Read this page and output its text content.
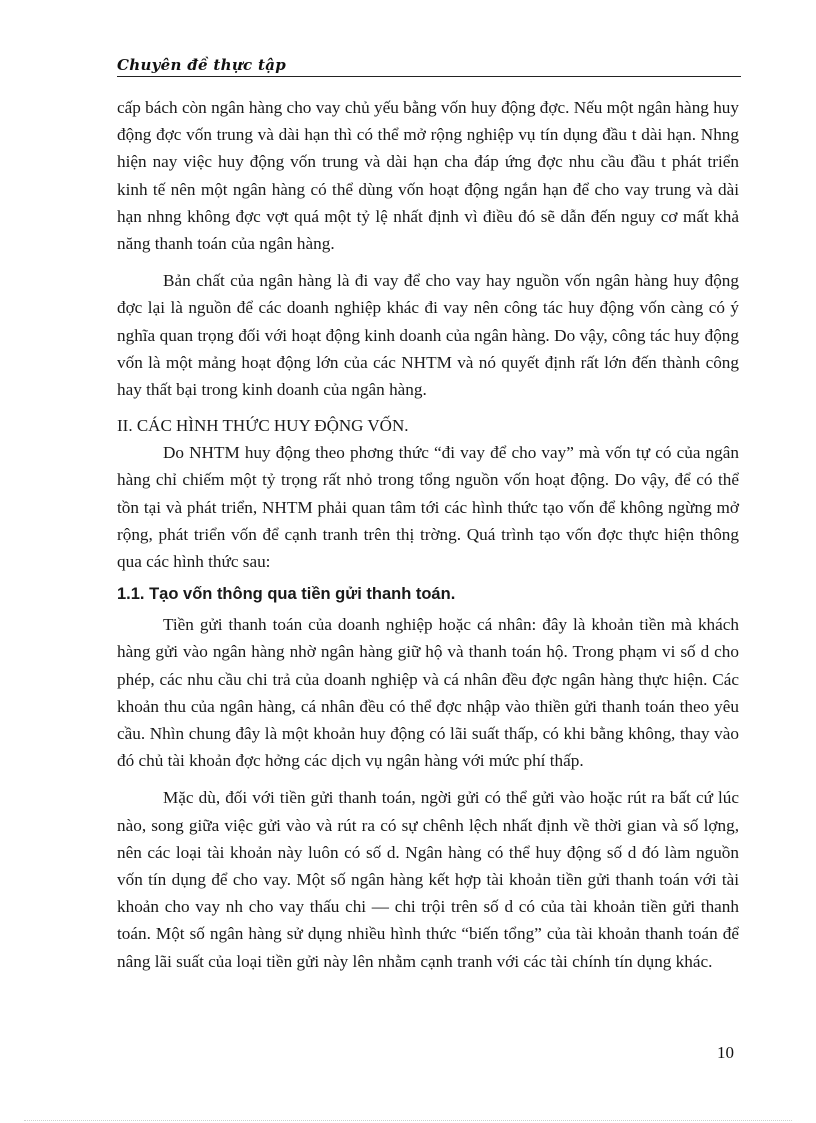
Chuyên đề thực tập

cấp bách còn ngân hàng cho vay chủ yếu bằng vốn huy động đợc. Nếu một ngân hàng huy động đợc vốn trung và dài hạn thì có thể mở rộng nghiệp vụ tín dụng đầu t dài hạn. Nhng hiện nay việc huy động vốn trung và dài hạn cha đáp ứng đợc nhu cầu đầu t phát triển kinh tế nên một ngân hàng có thể dùng vốn hoạt động ngắn hạn để cho vay trung và dài hạn nhng không đợc vợt quá một tỷ lệ nhất định vì điều đó sẽ dẫn đến nguy cơ mất khả năng thanh toán của ngân hàng.

Bản chất của ngân hàng là đi vay để cho vay hay nguồn vốn ngân hàng huy động đợc lại là nguồn để các doanh nghiệp khác đi vay nên công tác huy động vốn càng có ý nghĩa quan trọng đối với hoạt động kinh doanh của ngân hàng. Do vậy, công tác huy động vốn là một mảng hoạt động lớn của các NHTM và nó quyết định rất lớn đến thành công hay thất bại trong kinh doanh của ngân hàng.

II. CÁC HÌNH THỨC HUY ĐỘNG VỐN.

Do NHTM huy động theo phơng thức “đi vay để cho vay” mà vốn tự có của ngân hàng chỉ chiếm một tỷ trọng rất nhỏ trong tổng nguồn vốn hoạt động. Do vậy, để có thể tồn tại và phát triển, NHTM phải quan tâm tới các hình thức tạo vốn để không ngừng mở rộng, phát triển vốn để cạnh tranh trên thị trờng. Quá trình tạo vốn đợc thực hiện thông qua các hình thức sau:

1.1. Tạo vốn thông qua tiền gửi thanh toán.

Tiền gửi thanh toán của doanh nghiệp hoặc cá nhân: đây là khoản tiền mà khách hàng gửi vào ngân hàng nhờ ngân hàng giữ hộ và thanh toán hộ. Trong phạm vi số d cho phép, các nhu cầu chi trả của doanh nghiệp và cá nhân đều đợc ngân hàng thực hiện. Các khoản thu của ngân hàng, cá nhân đều có thể đợc nhập vào thiền gửi thanh toán theo yêu cầu. Nhìn chung đây là một khoản huy động có lãi suất thấp, có khi bằng không, thay vào đó chủ tài khoản đợc hởng các dịch vụ ngân hàng với mức phí thấp.

Mặc dù, đối với tiền gửi thanh toán, ngời gửi có thể gửi vào hoặc rút ra bất cứ lúc nào, song giữa việc gửi vào và rút ra có sự chênh lệch nhất định về thời gian và số lợng, nên các loại tài khoản này luôn có số d. Ngân hàng có thể huy động số d đó làm nguồn vốn tín dụng để cho vay. Một số ngân hàng kết hợp tài khoản tiền gửi thanh toán với tài khoản cho vay nh cho vay thấu chi — chi trội trên số d có của tài khoản tiền gửi thanh toán. Một số ngân hàng sử dụng nhiều hình thức “biến tổng” của tài khoản thanh toán để nâng lãi suất của loại tiền gửi này lên nhằm cạnh tranh với các tài chính tín dụng khác.

10
